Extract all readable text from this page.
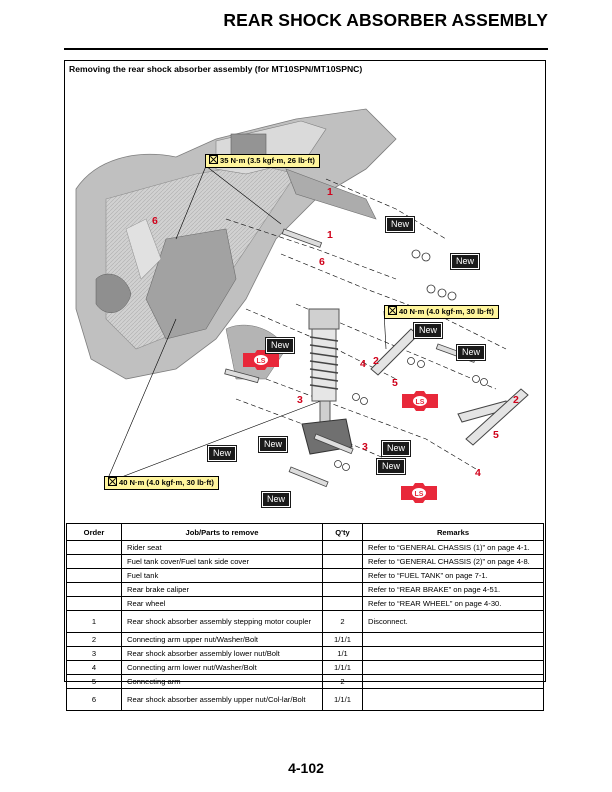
REAR SHOCK ABSORBER ASSEMBLY
Removing the rear shock absorber assembly (for MT10SPN/MT10SPNC)
LS
LS
LS
35 N·m (3.5 kgf·m, 26 lb·ft)
40 N·m (4.0 kgf·m, 30 lb·ft)
40 N·m (4.0 kgf·m, 30 lb·ft)
New
New
New
New
New
New
New	New
New
New
1
6
1
6
4 2
5
3	2
3
5
4
Order	Job/Parts to remove	Q'ty	Remarks
	Rider seat		Refer to “GENERAL CHASSIS (1)” on page 4-1.
	Fuel tank cover/Fuel tank side cover		Refer to “GENERAL CHASSIS (2)” on page 4-8.
	Fuel tank		Refer to “FUEL TANK” on page 7-1.
	Rear brake caliper		Refer to “REAR BRAKE” on page 4-51.
	Rear wheel		Refer to “REAR WHEEL” on page 4-30.
1	Rear shock absorber assembly stepping motor coupler	2	Disconnect.
2	Connecting arm upper nut/Washer/Bolt	1/1/1	
3	Rear shock absorber assembly lower nut/Bolt	1/1	
4	Connecting arm lower nut/Washer/Bolt	1/1/1	
5	Connecting arm	2	
6	Rear shock absorber assembly upper nut/Col-lar/Bolt	1/1/1	
4-102
